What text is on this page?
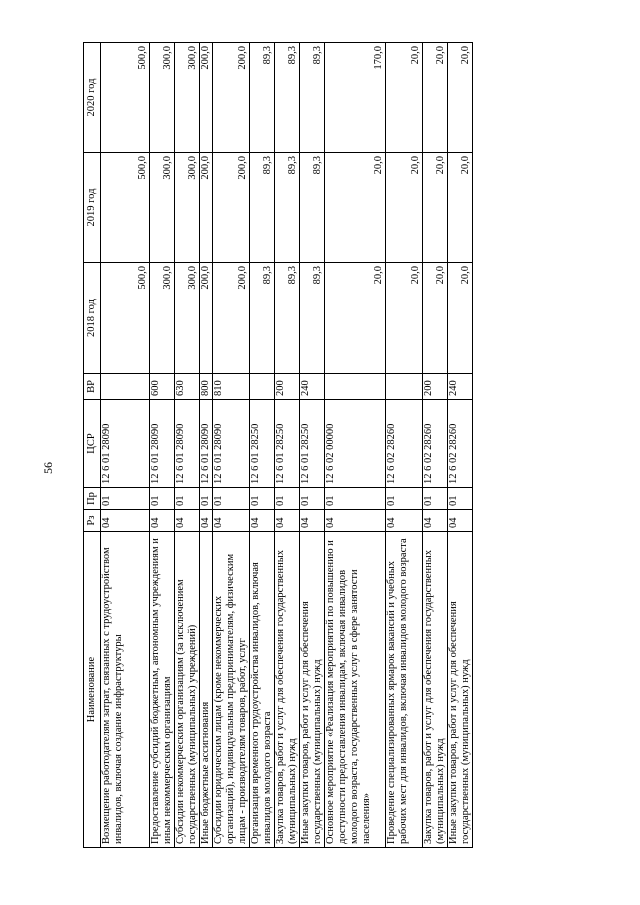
56
Наименование	Рз	Пр	ЦСР	ВР	2018 год	2019 год	2020 год
Возмещение работодателям затрат, связанных с трудоустройством инвалидов, включая создание инфраструктуры	04	01	12 6 01 28090		500,0	500,0	500,0
Предоставление субсидий бюджетным, автономным учреждениям и иным некоммерческим организациям	04	01	12 6 01 28090	600	300,0	300,0	300,0
Субсидии некоммерческим организациям (за исключением государственных (муниципальных) учреждений)	04	01	12 6 01 28090	630	300,0	300,0	300,0
Иные бюджетные ассигнования	04	01	12 6 01 28090	800	200,0	200,0	200,0
Субсидии юридическим лицам (кроме некоммерческих организаций), индивидуальным предпринимателям, физическим лицам - производителям товаров, работ, услуг	04	01	12 6 01 28090	810	200,0	200,0	200,0
Организация временного трудоустройства инвалидов, включая инвалидов молодого возраста	04	01	12 6 01 28250		89,3	89,3	89,3
Закупка товаров, работ и услуг для обеспечения государственных (муниципальных) нужд	04	01	12 6 01 28250	200	89,3	89,3	89,3
Иные закупки товаров, работ и услуг для обеспечения государственных (муниципальных) нужд	04	01	12 6 01 28250	240	89,3	89,3	89,3
Основное мероприятие «Реализация мероприятий по повышению и доступности предоставления инвалидам, включая инвалидов молодого возраста, государственных услуг в сфере занятости населения»	04	01	12 6 02 00000		20,0	20,0	170,0
Проведение специализированных ярмарок вакансий и учебных рабочих мест для инвалидов, включая инвалидов молодого возраста	04	01	12 6 02 28260		20,0	20,0	20,0
Закупка товаров, работ и услуг для обеспечения государственных (муниципальных) нужд	04	01	12 6 02 28260	200	20,0	20,0	20,0
Иные закупки товаров, работ и услуг для обеспечения государственных (муниципальных) нужд	04	01	12 6 02 28260	240	20,0	20,0	20,0
